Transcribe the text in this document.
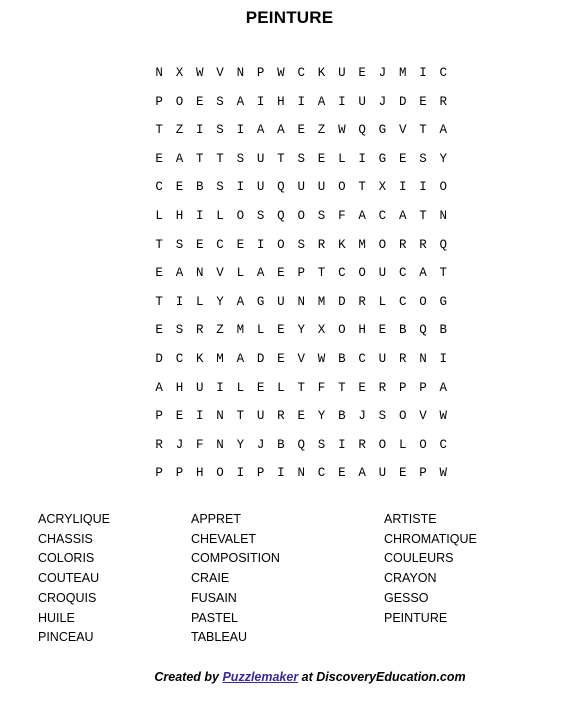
PEINTURE
N	X	W	V	N	P	W	C	K	U	E	J	M	I	C
P	O	E	S	A	I	H	I	A	I	U	J	D	E	R
T	Z	I	S	I	A	A	E	Z	W	Q	G	V	T	A
E	A	T	T	S	U	T	S	E	L	I	G	E	S	Y
C	E	B	S	I	U	Q	U	U	O	T	X	I	I	O
L	H	I	L	O	S	Q	O	S	F	A	C	A	T	N
T	S	E	C	E	I	O	S	R	K	M	O	R	R	Q
E	A	N	V	L	A	E	P	T	C	O	U	C	A	T
T	I	L	Y	A	G	U	N	M	D	R	L	C	O	G
E	S	R	Z	M	L	E	Y	X	O	H	E	B	Q	B
D	C	K	M	A	D	E	V	W	B	C	U	R	N	I
A	H	U	I	L	E	L	T	F	T	E	R	P	P	A
P	E	I	N	T	U	R	E	Y	B	J	S	O	V	W
R	J	F	N	Y	J	B	Q	S	I	R	O	L	O	C
P	P	H	O	I	P	I	N	C	E	A	U	E	P	W
ACRYLIQUE
CHASSIS
COLORIS
COUTEAU
CROQUIS
HUILE
PINCEAU
APPRET
CHEVALET
COMPOSITION
CRAIE
FUSAIN
PASTEL
TABLEAU
ARTISTE
CHROMATIQUE
COULEURS
CRAYON
GESSO
PEINTURE
Created by Puzzlemaker at DiscoveryEducation.com
